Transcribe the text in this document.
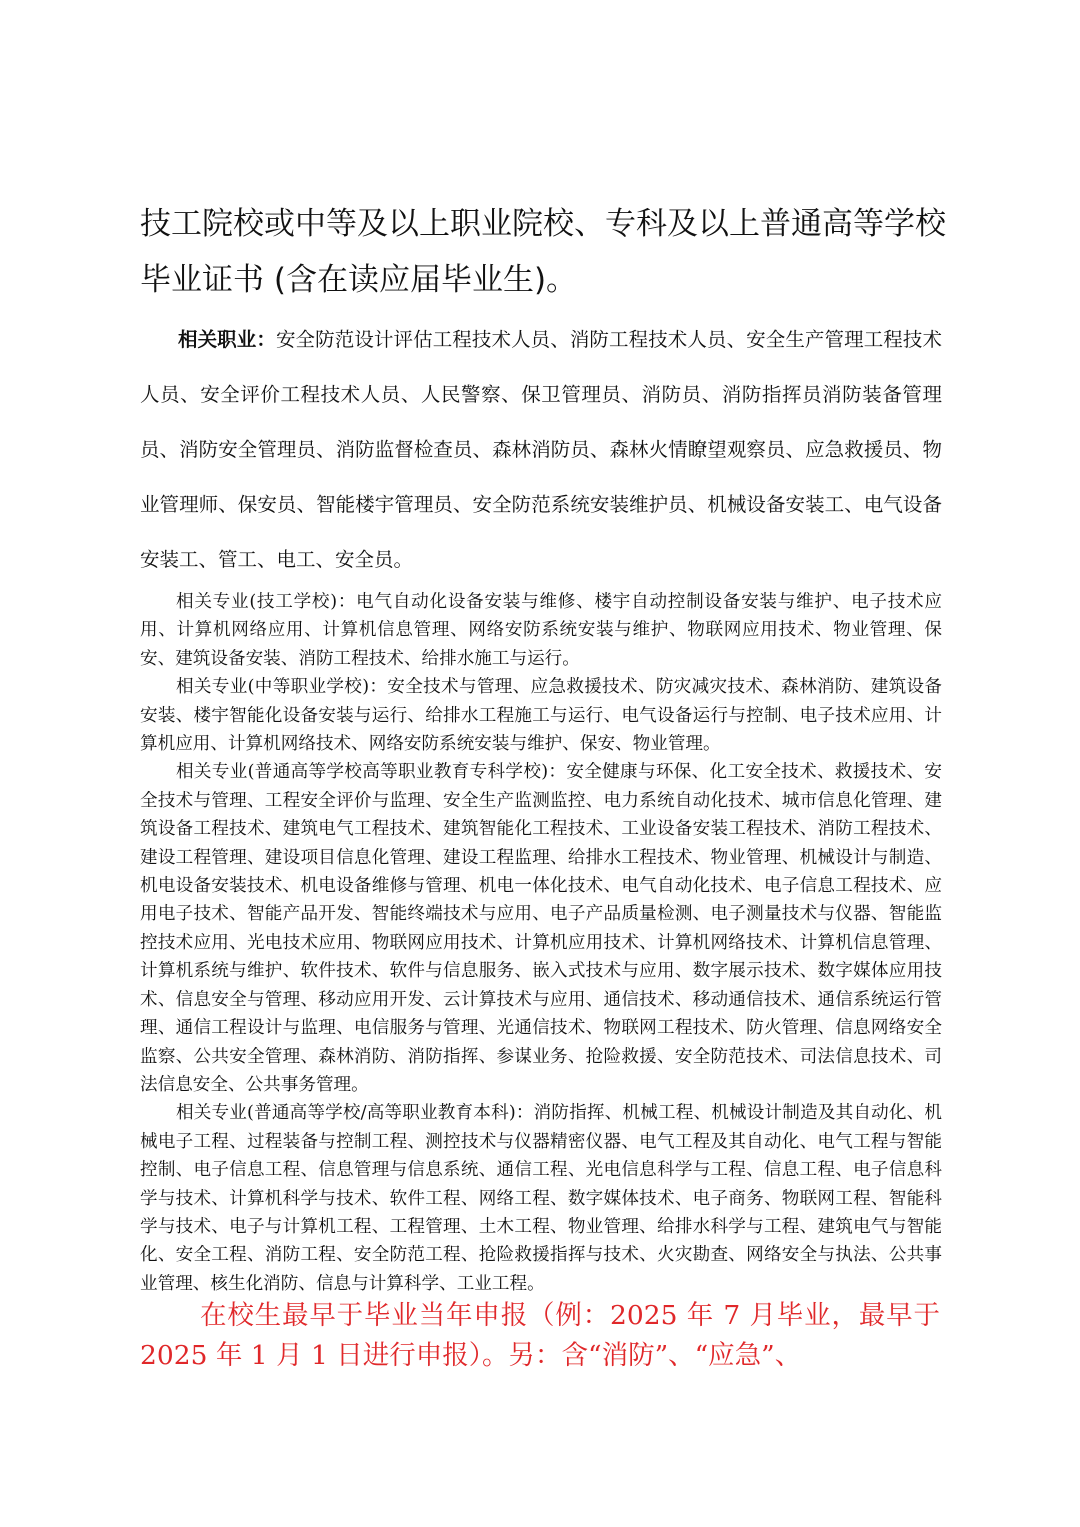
技工院校或中等及以上职业院校、专科及以上普通高等学校毕业证书 (含在读应届毕业生)。

相关职业：安全防范设计评估工程技术人员、消防工程技术人员、安全生产管理工程技术人员、安全评价工程技术人员、人民警察、保卫管理员、消防员、消防指挥员消防装备管理员、消防安全管理员、消防监督检查员、森林消防员、森林火情瞭望观察员、应急救援员、物业管理师、保安员、智能楼宇管理员、安全防范系统安装维护员、机械设备安装工、电气设备安装工、管工、电工、安全员。

相关专业(技工学校)：电气自动化设备安装与维修、楼宇自动控制设备安装与维护、电子技术应用、计算机网络应用、计算机信息管理、网络安防系统安装与维护、物联网应用技术、物业管理、保安、建筑设备安装、消防工程技术、给排水施工与运行。

相关专业(中等职业学校)：安全技术与管理、应急救援技术、防灾减灾技术、森林消防、建筑设备安装、楼宇智能化设备安装与运行、给排水工程施工与运行、电气设备运行与控制、电子技术应用、计算机应用、计算机网络技术、网络安防系统安装与维护、保安、物业管理。

相关专业(普通高等学校高等职业教育专科学校)：安全健康与环保、化工安全技术、救援技术、安全技术与管理、工程安全评价与监理、安全生产监测监控、电力系统自动化技术、城市信息化管理、建筑设备工程技术、建筑电气工程技术、建筑智能化工程技术、工业设备安装工程技术、消防工程技术、建设工程管理、建设项目信息化管理、建设工程监理、给排水工程技术、物业管理、机械设计与制造、机电设备安装技术、机电设备维修与管理、机电一体化技术、电气自动化技术、电子信息工程技术、应用电子技术、智能产品开发、智能终端技术与应用、电子产品质量检测、电子测量技术与仪器、智能监控技术应用、光电技术应用、物联网应用技术、计算机应用技术、计算机网络技术、计算机信息管理、计算机系统与维护、软件技术、软件与信息服务、嵌入式技术与应用、数字展示技术、数字媒体应用技术、信息安全与管理、移动应用开发、云计算技术与应用、通信技术、移动通信技术、通信系统运行管理、通信工程设计与监理、电信服务与管理、光通信技术、物联网工程技术、防火管理、信息网络安全监察、公共安全管理、森林消防、消防指挥、参谋业务、抢险救援、安全防范技术、司法信息技术、司法信息安全、公共事务管理。

相关专业(普通高等学校/高等职业教育本科)：消防指挥、机械工程、机械设计制造及其自动化、机械电子工程、过程装备与控制工程、测控技术与仪器精密仪器、电气工程及其自动化、电气工程与智能控制、电子信息工程、信息管理与信息系统、通信工程、光电信息科学与工程、信息工程、电子信息科学与技术、计算机科学与技术、软件工程、网络工程、数字媒体技术、电子商务、物联网工程、智能科学与技术、电子与计算机工程、工程管理、土木工程、物业管理、给排水科学与工程、建筑电气与智能化、安全工程、消防工程、安全防范工程、抢险救援指挥与技术、火灾勘查、网络安全与执法、公共事业管理、核生化消防、信息与计算科学、工业工程。

在校生最早于毕业当年申报（例：2025 年 7 月毕业，最早于 2025 年 1 月 1 日进行申报）。另：含“消防”、“应急”、
